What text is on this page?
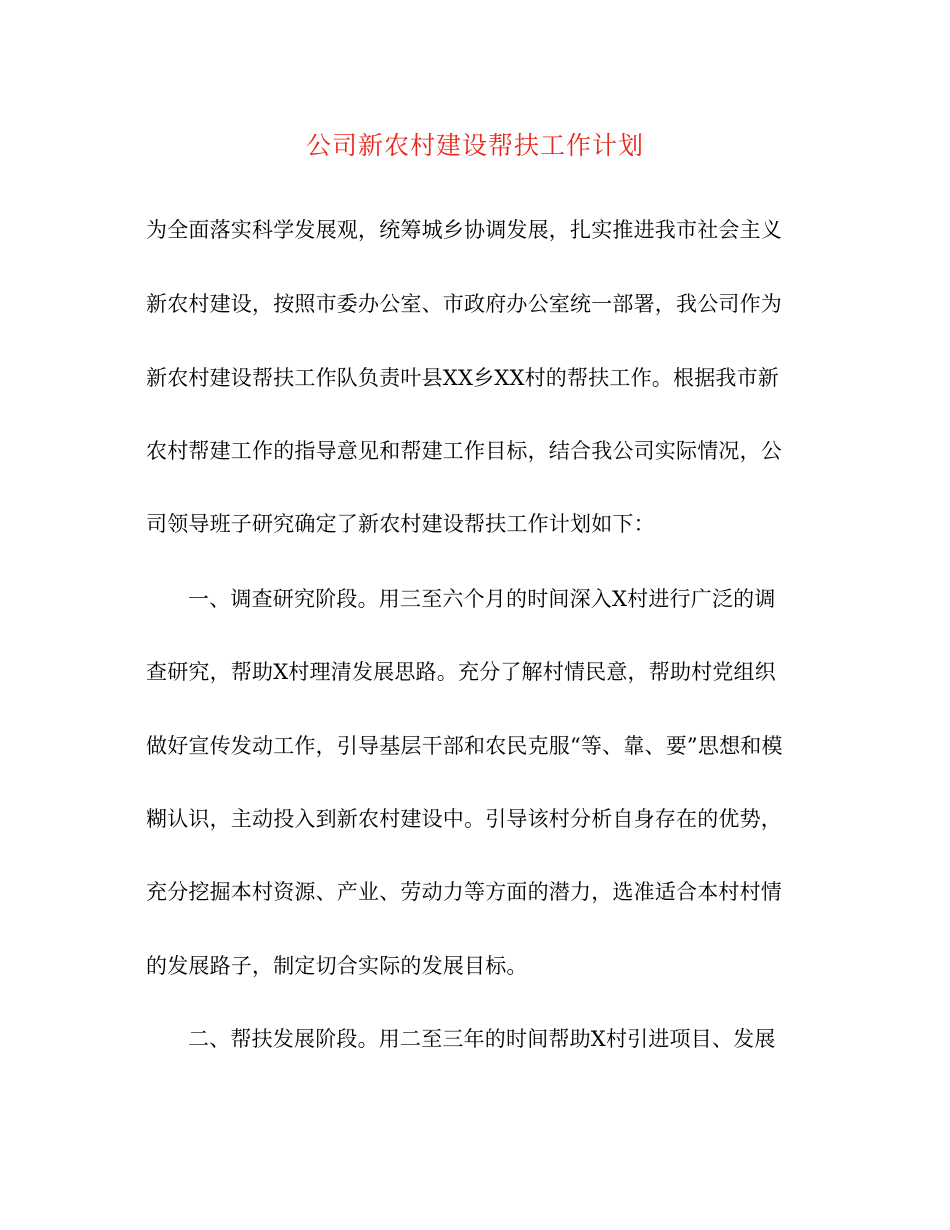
公司新农村建设帮扶工作计划
为全面落实科学发展观，统筹城乡协调发展，扎实推进我市社会主义
新农村建设，按照市委办公室、市政府办公室统一部署，我公司作为
新农村建设帮扶工作队负责叶县XX乡XX村的帮扶工作。根据我市新
农村帮建工作的指导意见和帮建工作目标，结合我公司实际情况，公
司领导班子研究确定了新农村建设帮扶工作计划如下：
一、调查研究阶段。用三至六个月的时间深入X村进行广泛的调
查研究，帮助X村理清发展思路。充分了解村情民意，帮助村党组织
做好宣传发动工作，引导基层干部和农民克服“等、靠、要”思想和模
糊认识，主动投入到新农村建设中。引导该村分析自身存在的优势，
充分挖掘本村资源、产业、劳动力等方面的潜力，选准适合本村村情
的发展路子，制定切合实际的发展目标。
二、帮扶发展阶段。用二至三年的时间帮助X村引进项目、发展
